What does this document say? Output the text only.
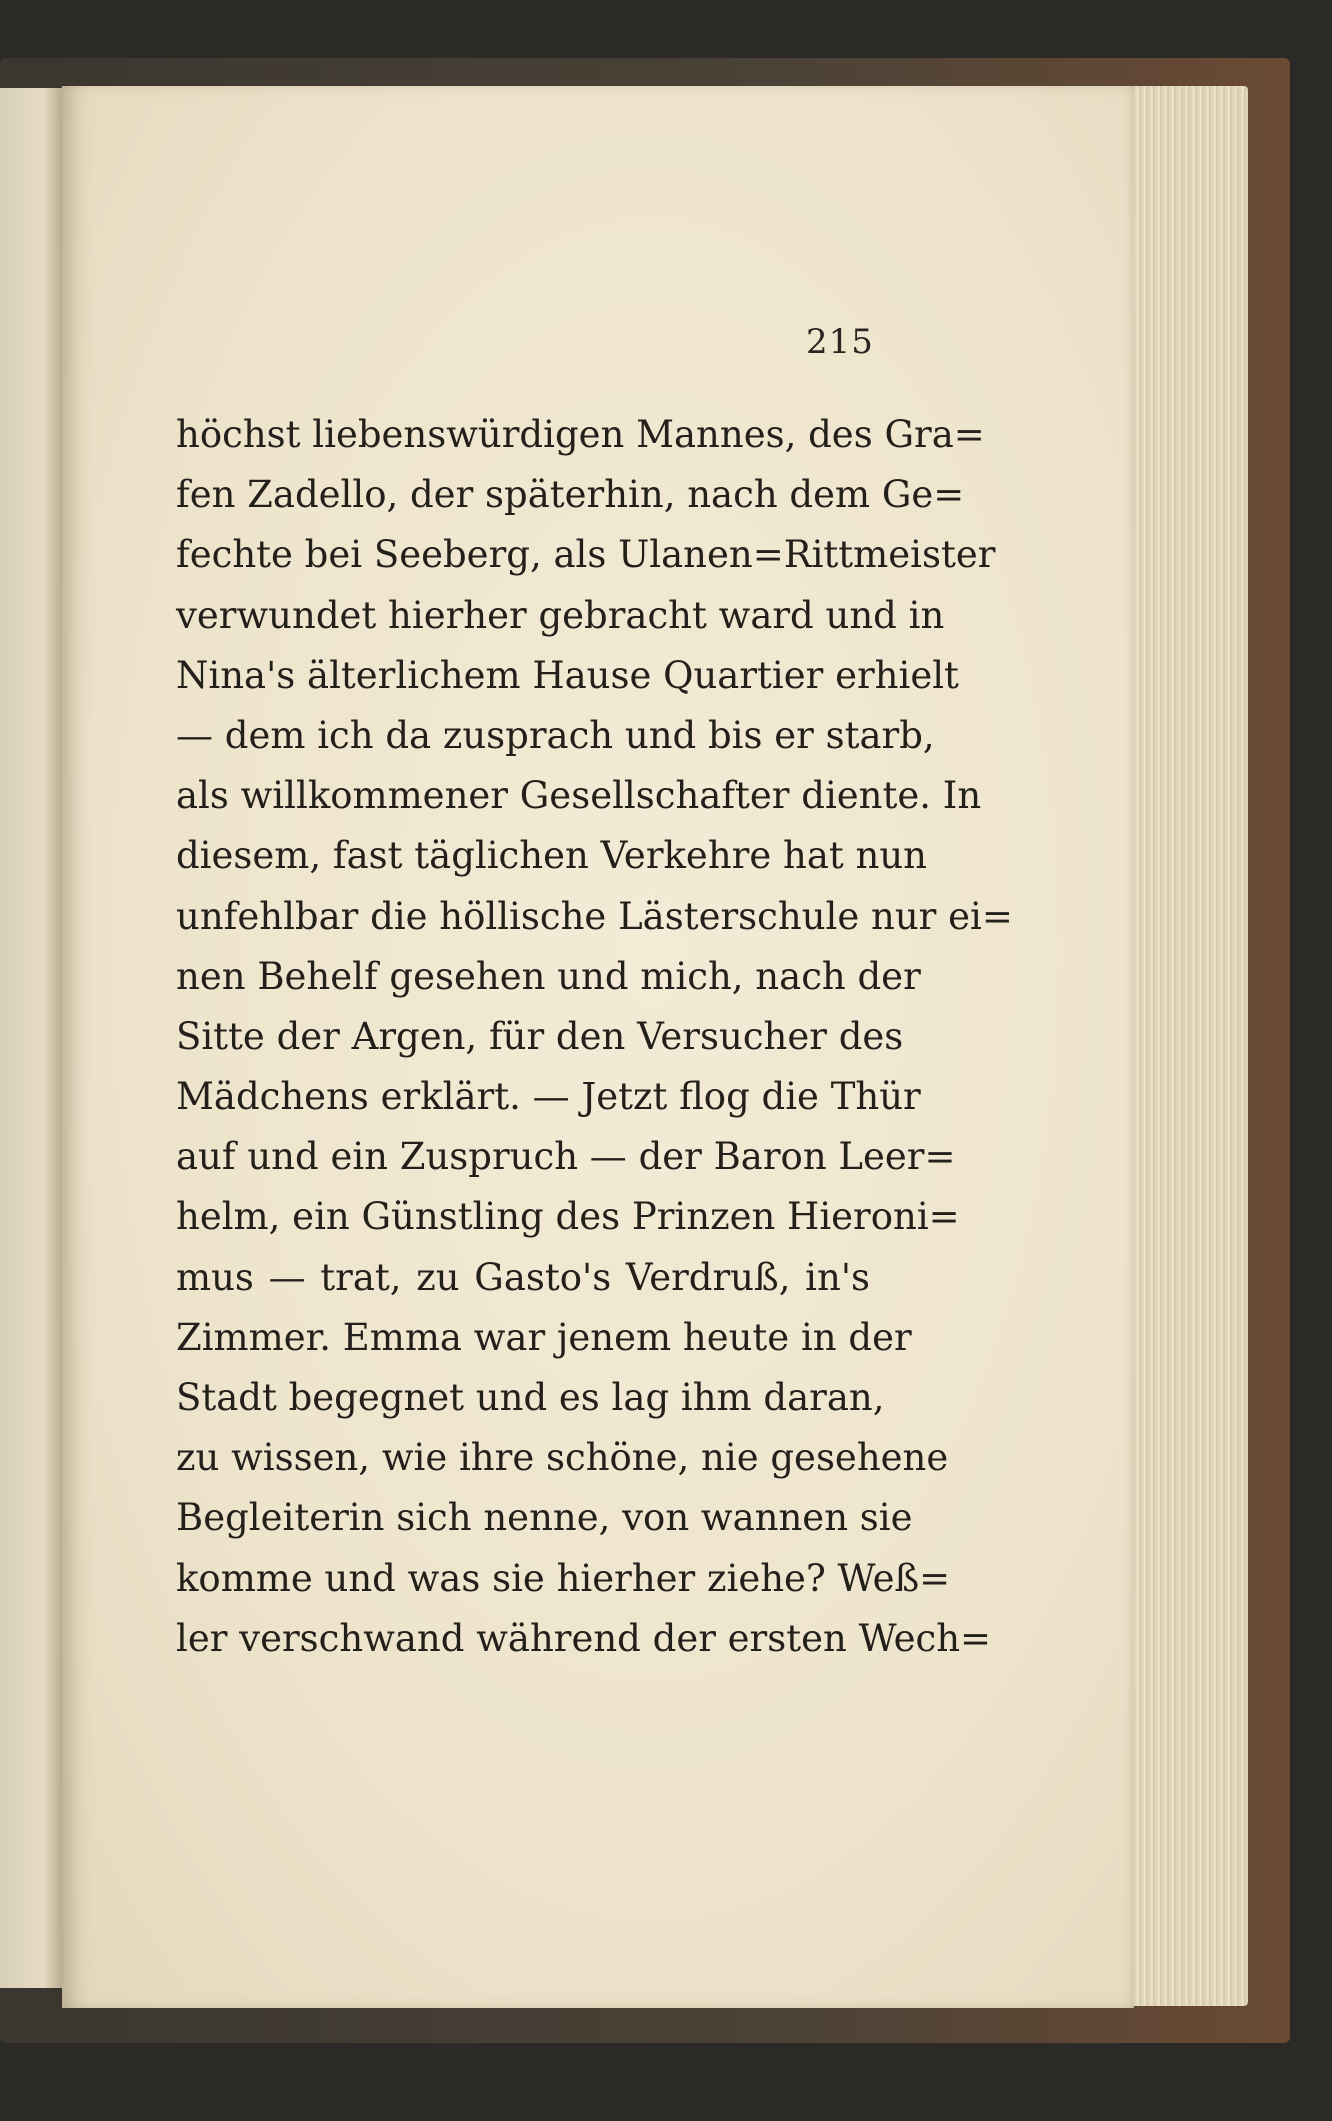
215
höchst liebenswürdigen Mannes, des Gra=
fen Zadello, der späterhin, nach dem Ge=
fechte bei Seeberg, als Ulanen=Rittmeister
verwundet hierher gebracht ward und in
Nina's älterlichem Hause Quartier erhielt
— dem ich da zusprach und bis er starb,
als willkommener Gesellschafter diente. In
diesem, fast täglichen Verkehre hat nun
unfehlbar die höllische Lästerschule nur ei=
nen Behelf gesehen und mich, nach der
Sitte der Argen, für den Versucher des
Mädchens erklärt. — Jetzt flog die Thür
auf und ein Zuspruch — der Baron Leer=
helm, ein Günstling des Prinzen Hieroni=
mus — trat, zu Gasto's Verdruß, in's
Zimmer. Emma war jenem heute in der
Stadt begegnet und es lag ihm daran,
zu wissen, wie ihre schöne, nie gesehene
Begleiterin sich nenne, von wannen sie
komme und was sie hierher ziehe? Weß=
ler verschwand während der ersten Wech=
